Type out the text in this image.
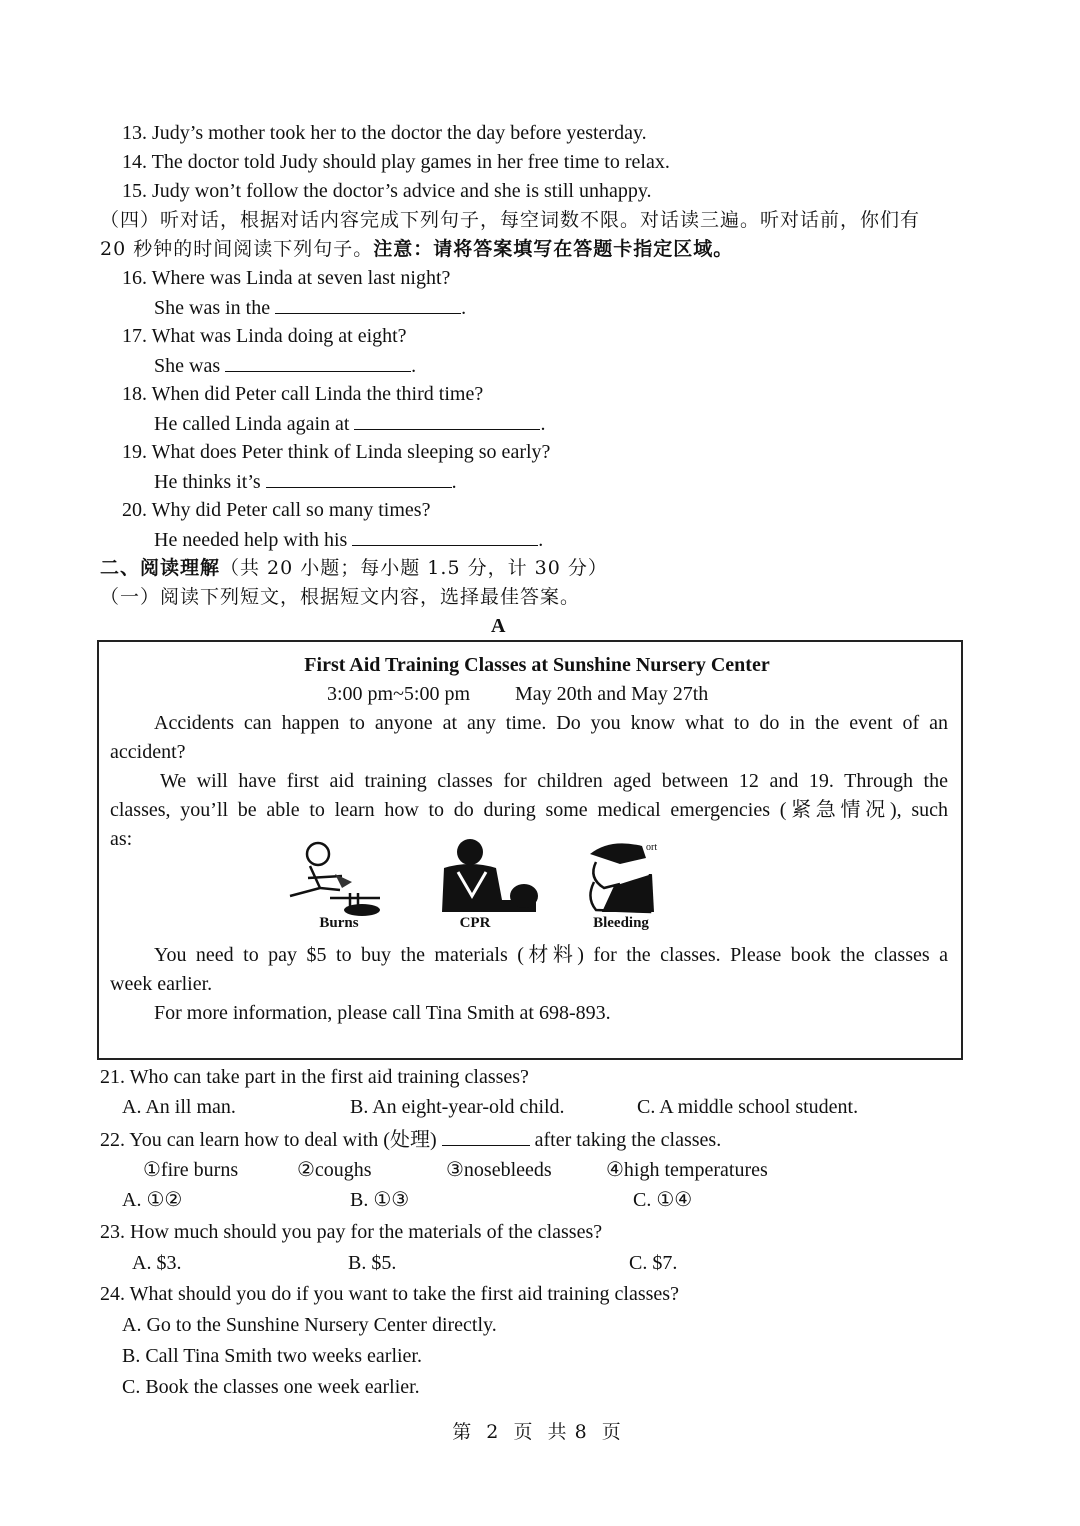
13. Judy’s mother took her to the doctor the day before yesterday.
14. The doctor told Judy should play games in her free time to relax.
15. Judy won’t follow the doctor’s advice and she is still unhappy.
（四）听对话，根据对话内容完成下列句子，每空词数不限。对话读三遍。听对话前，你们有
20 秒钟的时间阅读下列句子。注意：请将答案填写在答题卡指定区域。
16. Where was Linda at seven last night?
She was in the	.
17. What was Linda doing at eight?
She was	.
18. When did Peter call Linda the third time?
He called Linda again at	.
19. What does Peter think of Linda sleeping so early?
He thinks it’s	.
20. Why did Peter call so many times?
He needed help with his	.
二、阅读理解（共 20 小题；每小题 1.5 分，计 30 分）
（一）阅读下列短文，根据短文内容，选择最佳答案。
A
First Aid Training Classes at Sunshine Nursery Center
3:00 pm~5:00 pm May 20th and May 27th
Accidents can happen to anyone at any time. Do you know what to do in the event of an
accident?
We will have first aid training classes for children aged between 12 and 19. Through the
classes, you’ll be able to learn how to do during some medical emergencies (紧急情况), such
as:	ort
Burns	CPR	Bleeding
You need to pay $5 to buy the materials (材料) for the classes. Please book the classes a
week earlier.
For more information, please call Tina Smith at 698-893.
21. Who can take part in the first aid training classes?
A. An ill man.	B. An eight-year-old child.	C. A middle school student.
22. You can learn how to deal with (处理)	after taking the classes.
①fire burns	②coughs	③nosebleeds	④high temperatures
A. ①②	B. ①③	C. ①④
23. How much should you pay for the materials of the classes?
A. $3.	B. $5.	C. $7.
24. What should you do if you want to take the first aid training classes?
A. Go to the Sunshine Nursery Center directly.
B. Call Tina Smith two weeks earlier.
C. Book the classes one week earlier.
第  2  页  共 8  页
